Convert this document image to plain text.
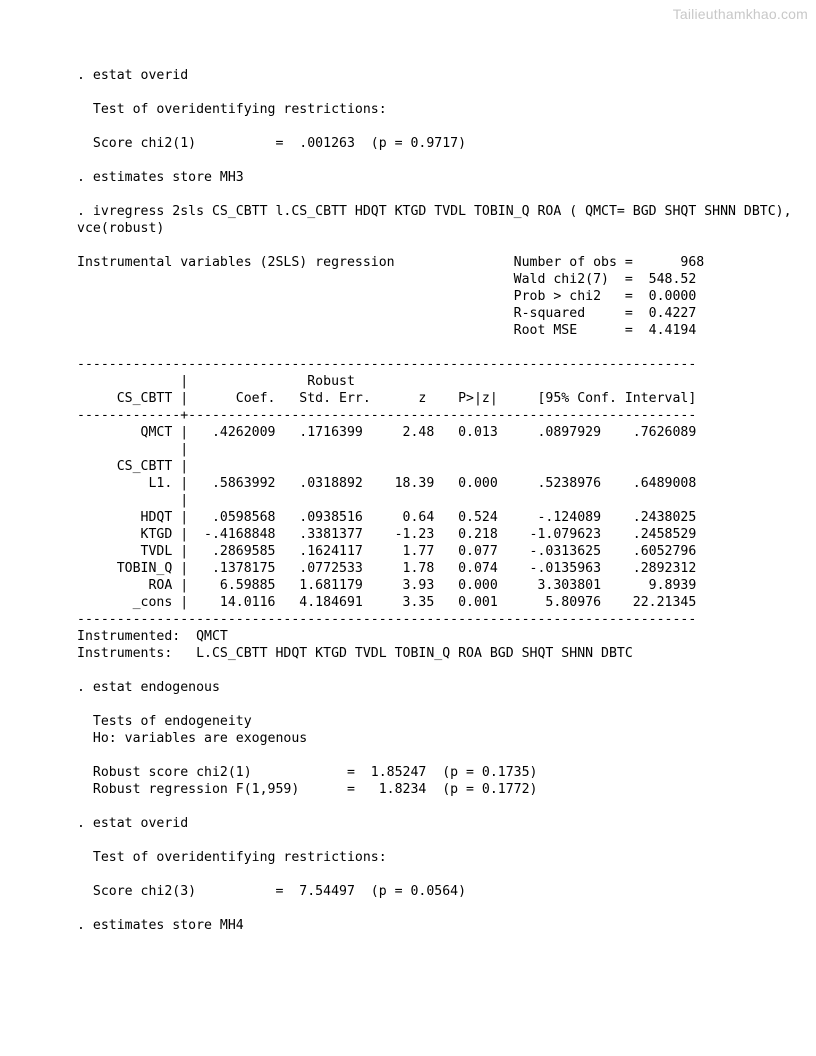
Tailieuthamkhao.com
. estat overid
Test of overidentifying restrictions:
Score chi2(1)          =  .001263  (p = 0.9717)
. estimates store MH3
. ivregress 2sls CS_CBTT l.CS_CBTT HDQT KTGD TVDL TOBIN_Q ROA ( QMCT= BGD SHQT SHNN DBTC),
vce(robust)
Instrumental variables (2SLS) regression               Number of obs =      968
Wald chi2(7)  =  548.52
Prob > chi2   =  0.0000
R-squared     =  0.4227
Root MSE      =  4.4194
------------------------------------------------------------------------------
|               Robust
CS_CBTT |      Coef.   Std. Err.      z    P>|z|     [95% Conf. Interval]
-------------+----------------------------------------------------------------
QMCT |   .4262009   .1716399     2.48   0.013     .0897929    .7626089
|
CS_CBTT |
L1. |   .5863992   .0318892    18.39   0.000     .5238976    .6489008
|
HDQT |   .0598568   .0938516     0.64   0.524     -.124089    .2438025
KTGD |  -.4168848   .3381377    -1.23   0.218    -1.079623    .2458529
TVDL |   .2869585   .1624117     1.77   0.077    -.0313625    .6052796
TOBIN_Q |   .1378175   .0772533     1.78   0.074    -.0135963    .2892312
ROA |    6.59885   1.681179     3.93   0.000     3.303801      9.8939
_cons |    14.0116   4.184691     3.35   0.001      5.80976    22.21345
------------------------------------------------------------------------------
Instrumented:  QMCT
Instruments:   L.CS_CBTT HDQT KTGD TVDL TOBIN_Q ROA BGD SHQT SHNN DBTC
. estat endogenous
Tests of endogeneity
Ho: variables are exogenous
Robust score chi2(1)            =  1.85247  (p = 0.1735)
Robust regression F(1,959)      =   1.8234  (p = 0.1772)
. estat overid
Test of overidentifying restrictions:
Score chi2(3)          =  7.54497  (p = 0.0564)
. estimates store MH4
